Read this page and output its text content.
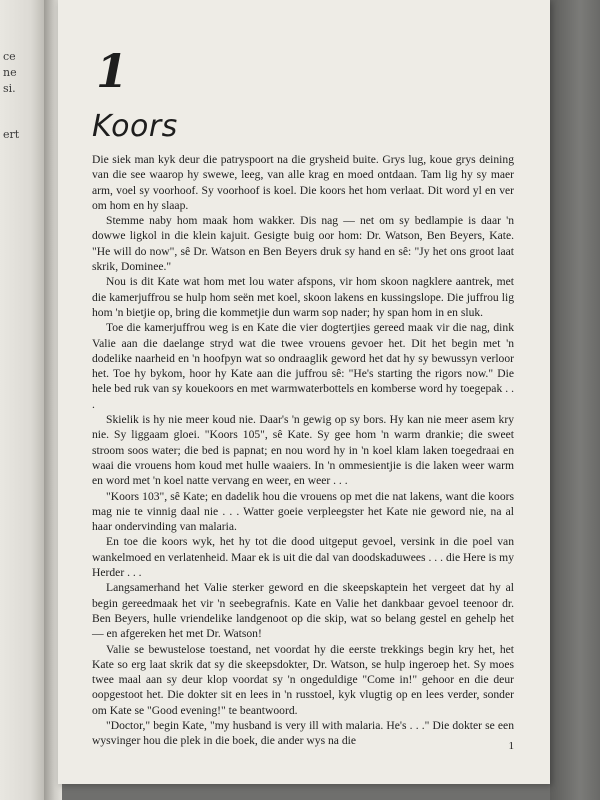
ce
ne
si.
ert
1
Koors

Die siek man kyk deur die patryspoort na die grysheid buite. Grys lug, koue grys deining van die see waarop hy swewe, leeg, van alle krag en moed ontdaan. Tam lig hy sy maer arm, voel sy voorhoof. Sy voorhoof is koel. Die koors het hom verlaat. Dit word yl en ver om hom en hy slaap.

Stemme naby hom maak hom wakker. Dis nag — net om sy bedlampie is daar 'n dowwe ligkol in die klein kajuit. Gesigte buig oor hom: Dr. Watson, Ben Beyers, Kate. "He will do now", sê Dr. Watson en Ben Beyers druk sy hand en sê: "Jy het ons groot laat skrik, Dominee."

Nou is dit Kate wat hom met lou water afspons, vir hom skoon nagklere aantrek, met die kamerjuffrou se hulp hom seën met koel, skoon lakens en kussingslope. Die juffrou lig hom 'n bietjie op, bring die kommetjie dun warm sop nader; hy span hom in en sluk.

Toe die kamerjuffrou weg is en Kate die vier dogtertjies gereed maak vir die nag, dink Valie aan die daelange stryd wat die twee vrouens gevoer het. Dit het begin met 'n dodelike naarheid en 'n hoofpyn wat so ondraaglik geword het dat hy sy bewussyn verloor het. Toe hy bykom, hoor hy Kate aan die juffrou sê: "He's starting the rigors now." Die hele bed ruk van sy kouekoors en met warmwaterbottels en komberse word hy toegepak . . .

Skielik is hy nie meer koud nie. Daar's 'n gewig op sy bors. Hy kan nie meer asem kry nie. Sy liggaam gloei. "Koors 105", sê Kate. Sy gee hom 'n warm drankie; die sweet stroom soos water; die bed is papnat; en nou word hy in 'n koel klam laken toegedraai en waai die vrouens hom koud met hulle waaiers. In 'n ommesientjie is die laken weer warm en word met 'n koel natte vervang en weer, en weer . . .

"Koors 103", sê Kate; en dadelik hou die vrouens op met die nat lakens, want die koors mag nie te vinnig daal nie . . . Watter goeie verpleegster het Kate nie geword nie, na al haar ondervinding van malaria.

En toe die koors wyk, het hy tot die dood uitgeput gevoel, versink in die poel van wankelmoed en verlatenheid. Maar ek is uit die dal van doodskaduwees . . . die Here is my Herder . . .

Langsamerhand het Valie sterker geword en die skeepskaptein het vergeet dat hy al begin gereedmaak het vir 'n seebegrafnis. Kate en Valie het dankbaar gevoel teenoor dr. Ben Beyers, hulle vriendelike landgenoot op die skip, wat so belang gestel en gehelp het — en afgereken het met Dr. Watson!

Valie se bewustelose toestand, net voordat hy die eerste trekkings begin kry het, het Kate so erg laat skrik dat sy die skeepsdokter, Dr. Watson, se hulp ingeroep het. Sy moes twee maal aan sy deur klop voordat sy 'n ongeduldige "Come in!" gehoor en die deur oopgestoot het. Die dokter sit en lees in 'n russtoel, kyk vlugtig op en lees verder, sonder om Kate se "Good evening!" te beantwoord.

"Doctor," begin Kate, "my husband is very ill with malaria. He's . . ." Die dokter se een wysvinger hou die plek in die boek, die ander wys na die	1
